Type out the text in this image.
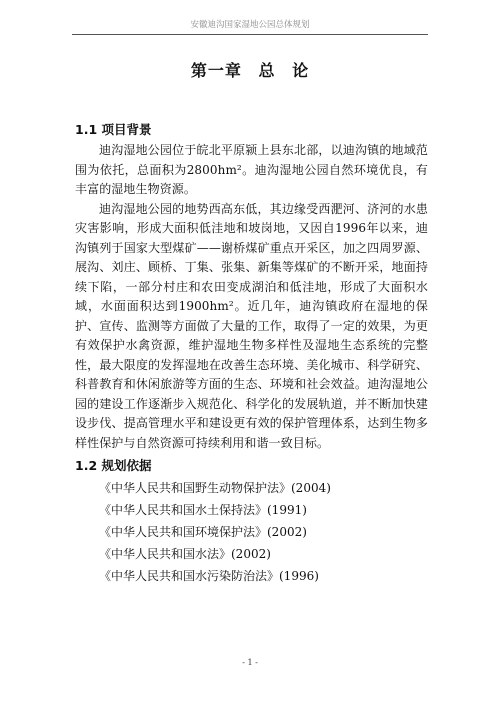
安徽迪沟国家湿地公园总体规划
第一章 总 论
1.1 项目背景

迪沟湿地公园位于皖北平原颍上县东北部，以迪沟镇的地域范围为依托，总面积为2800hm²。迪沟湿地公园自然环境优良，有丰富的湿地生物资源。

迪沟湿地公园的地势西高东低，其边缘受西淝河、济河的水患灾害影响，形成大面积低洼地和坡岗地，又因自1996年以来，迪沟镇列于国家大型煤矿——谢桥煤矿重点开采区，加之四周罗源、展沟、刘庄、顾桥、丁集、张集、新集等煤矿的不断开采，地面持续下陷，一部分村庄和农田变成湖泊和低洼地，形成了大面积水域，水面面积达到1900hm²。近几年，迪沟镇政府在湿地的保护、宣传、监测等方面做了大量的工作，取得了一定的效果，为更有效保护水禽资源，维护湿地生物多样性及湿地生态系统的完整性，最大限度的发挥湿地在改善生态环境、美化城市、科学研究、科普教育和休闲旅游等方面的生态、环境和社会效益。迪沟湿地公园的建设工作逐渐步入规范化、科学化的发展轨道，并不断加快建设步伐、提高管理水平和建设更有效的保护管理体系，达到生物多样性保护与自然资源可持续利用和谐一致目标。

1.2 规划依据
《中华人民共和国野生动物保护法》(2004)
《中华人民共和国水土保持法》(1991)
《中华人民共和国环境保护法》(2002)
《中华人民共和国水法》(2002)
《中华人民共和国水污染防治法》(1996)
- 1 -
